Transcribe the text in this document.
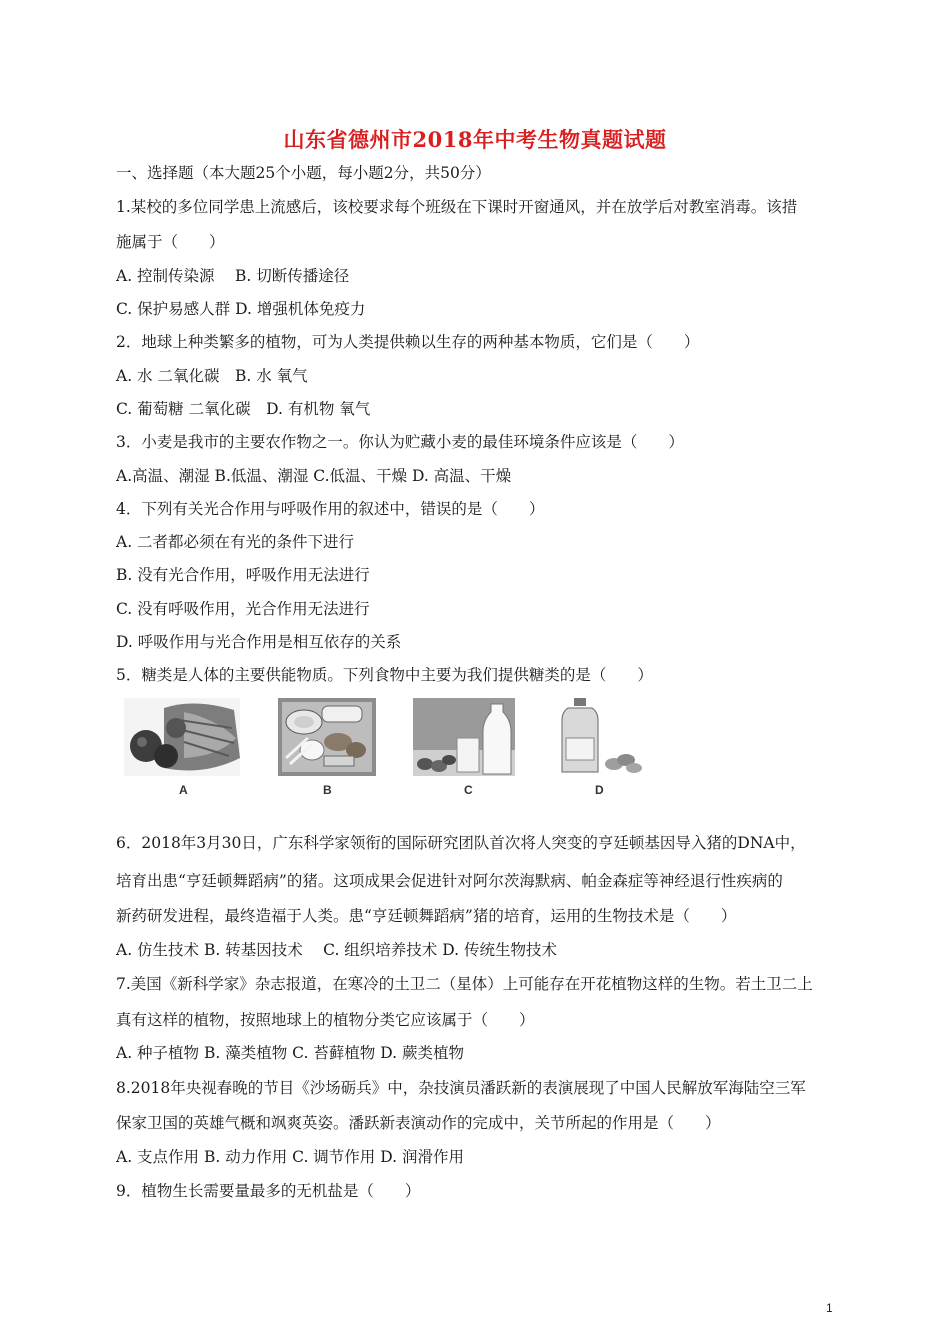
山东省德州市2018年中考生物真题试题
一、选择题（本大题25个小题，每小题2分，共50分）
1.某校的多位同学患上流感后，该校要求每个班级在下课时开窗通风，并在放学后对教室消毒。该措
施属于（　　）
A. 控制传染源　 B. 切断传播途径
C. 保护易感人群 D. 增强机体免疫力
2．地球上种类繁多的植物，可为人类提供赖以生存的两种基本物质，它们是（　　）
A. 水 二氧化碳　B. 水 氧气
C. 葡萄糖 二氧化碳　D. 有机物 氧气
3．小麦是我市的主要农作物之一。你认为贮藏小麦的最佳环境条件应该是（　　）
A.高温、潮湿 B.低温、潮湿 C.低温、干燥 D. 高温、干燥
4．下列有关光合作用与呼吸作用的叙述中，错误的是（　　）
A. 二者都必须在有光的条件下进行
B. 没有光合作用，呼吸作用无法进行
C. 没有呼吸作用，光合作用无法进行
D. 呼吸作用与光合作用是相互依存的关系
5．糖类是人体的主要供能物质。下列食物中主要为我们提供糖类的是（　　）
A	B	C	D
6．2018年3月30日，广东科学家领衔的国际研究团队首次将人突变的亨廷顿基因导入猪的DNA中，
培育出患“亨廷顿舞蹈病”的猪。这项成果会促进针对阿尔茨海默病、帕金森症等神经退行性疾病的
新药研发进程，最终造福于人类。患“亨廷顿舞蹈病”猪的培育，运用的生物技术是（　　）
A. 仿生技术 B. 转基因技术　 C. 组织培养技术 D. 传统生物技术
7.美国《新科学家》杂志报道，在寒冷的土卫二（星体）上可能存在开花植物这样的生物。若土卫二上
真有这样的植物，按照地球上的植物分类它应该属于（　　）
A. 种子植物 B. 藻类植物 C. 苔藓植物 D. 蕨类植物
8.2018年央视春晚的节目《沙场砺兵》中，杂技演员潘跃新的表演展现了中国人民解放军海陆空三军
保家卫国的英雄气概和飒爽英姿。潘跃新表演动作的完成中，关节所起的作用是（　　）
A. 支点作用 B. 动力作用 C. 调节作用 D. 润滑作用
9．植物生长需要量最多的无机盐是（　　）
1
